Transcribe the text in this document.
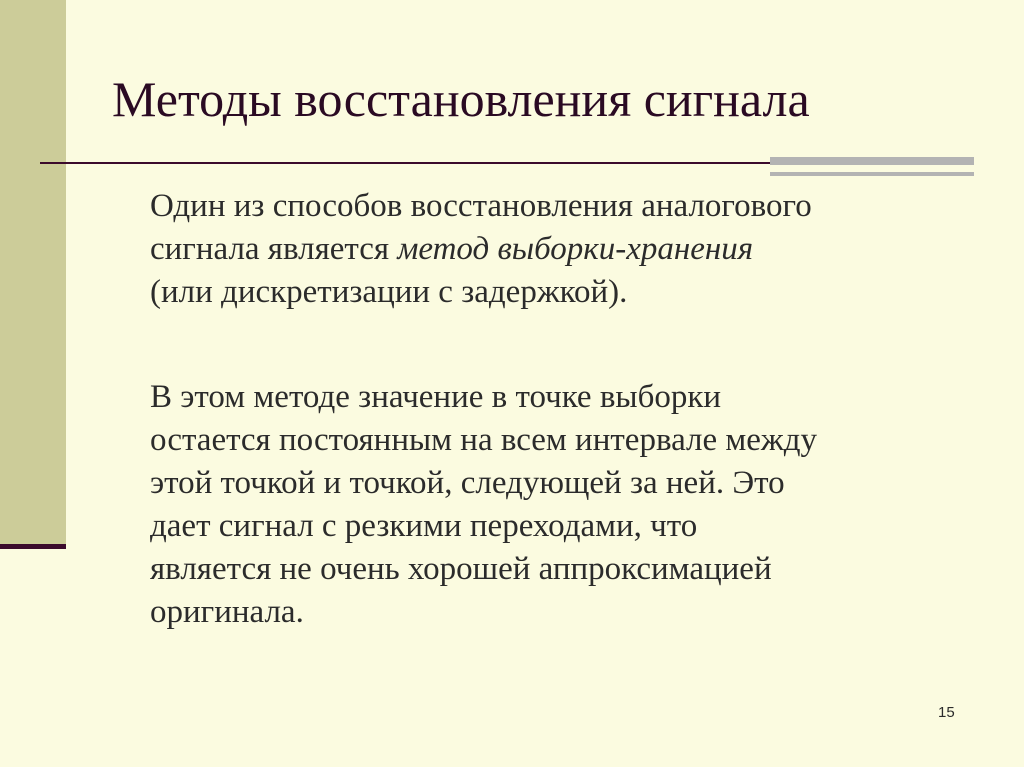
Методы восстановления сигнала
Один из способов восстановления аналогового
сигнала является метод выборки-хранения
(или дискретизации с задержкой).
В этом методе значение в точке выборки
остается постоянным на всем интервале между
этой точкой и точкой, следующей за ней. Это
дает сигнал с резкими переходами, что
является не очень хорошей аппроксимацией
оригинала.
15
